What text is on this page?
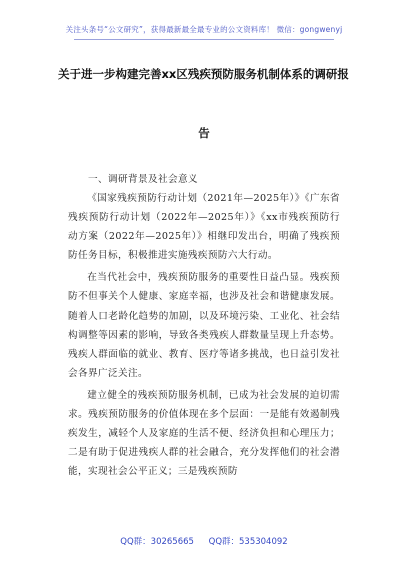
关注头条号“公文研究”，获得最新最全最专业的公文资料库！ 微信：gongwenyj
关于进一步构建完善xx区残疾预防服务机制体系的调研报
告
一、调研背景及社会意义

《国家残疾预防行动计划（2021年—2025年）》《广东省残疾预防行动计划（2022年—2025年）》《xx市残疾预防行动方案（2022年—2025年）》相继印发出台，明确了残疾预防任务目标，积极推进实施残疾预防六大行动。

在当代社会中，残疾预防服务的重要性日益凸显。残疾预防不但事关个人健康、家庭幸福，也涉及社会和谐健康发展。随着人口老龄化趋势的加剧，以及环境污染、工业化、社会结构调整等因素的影响，导致各类残疾人群数量呈现上升态势。残疾人群面临的就业、教育、医疗等诸多挑战，也日益引发社会各界广泛关注。

建立健全的残疾预防服务机制，已成为社会发展的迫切需求。残疾预防服务的价值体现在多个层面：一是能有效遏制残疾发生，减轻个人及家庭的生活不便、经济负担和心理压力；二是有助于促进残疾人群的社会融合，充分发挥他们的社会潜能，实现社会公平正义；三是残疾预防

QQ群：30265665 QQ群：535304092
